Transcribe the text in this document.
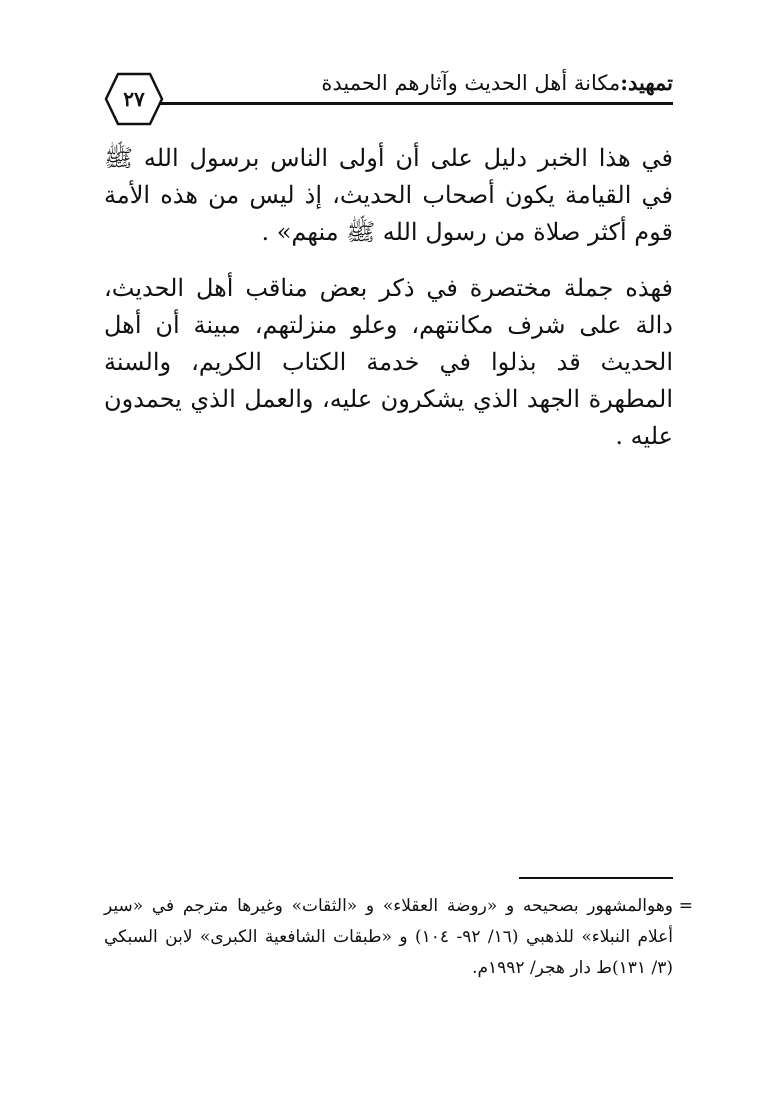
تمهيد:مكانة أهل الحديث وآثارهم الحميدة
٢٧
في هذا الخبر دليل على أن أولى الناس برسول الله ﷺ في القيامة يكون أصحاب الحديث، إذ ليس من هذه الأمة قوم أكثر صلاة من رسول الله ﷺ منهم» .
فهذه جملة مختصرة في ذكر بعض مناقب أهل الحديث، دالة على شرف مكانتهم، وعلو منزلتهم، مبينة أن أهل الحديث قد بذلوا في خدمة الكتاب الكريم، والسنة المطهرة الجهد الذي يشكرون عليه، والعمل الذي يحمدون عليه .
=
وهوالمشهور بصحيحه و «روضة العقلاء» و «الثقات» وغيرها مترجم في «سير أعلام النبلاء» للذهبي (١٦/ ٩٢- ١٠٤) و «طبقات الشافعية الكبرى» لابن السبكي (٣/ ١٣١)ط دار هجر/ ١٩٩٢م.
